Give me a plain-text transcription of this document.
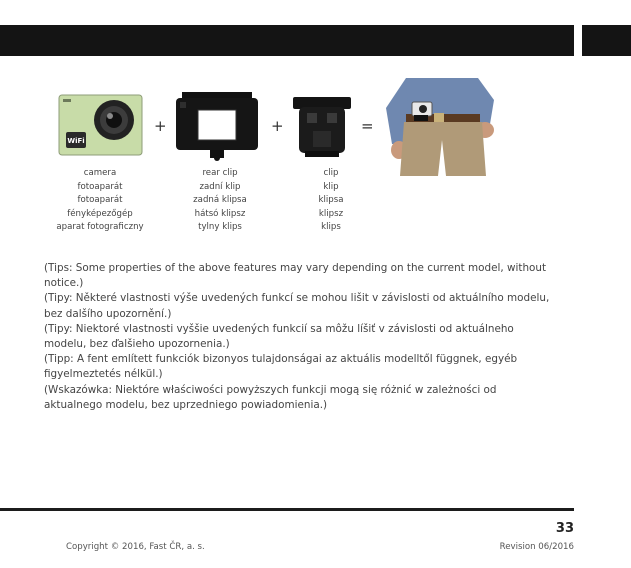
WiFi
+	+	=
camera
fotoaparát
fotoaparát
fényképezőgép
aparat fotograficzny
rear clip
zadní klip
zadná klipsa
hátsó klipsz
tylny klips
clip
klip
klipsa
klipsz
klips

(Tips: Some properties of the above features may vary depending on the current model, without notice.)

(Tipy: Některé vlastnosti výše uvedených funkcí se mohou lišit v závislosti od aktuálního modelu, bez dalšího upozornění.)

(Tipy: Niektoré vlastnosti vyššie uvedených funkcií sa môžu líšiť v závislosti od aktuálneho modelu, bez ďalšieho upozornenia.)

(Tipp: A fent említett funkciók bizonyos tulajdonságai az aktuális modelltől függnek, egyéb figyelmeztetés nélkül.)

(Wskazówka: Niektóre właściwości powyższych funkcji mogą się różnić w zależności od aktualnego modelu, bez uprzedniego powiadomienia.)

33
Copyright © 2016, Fast ČR, a. s.	Revision 06/2016
